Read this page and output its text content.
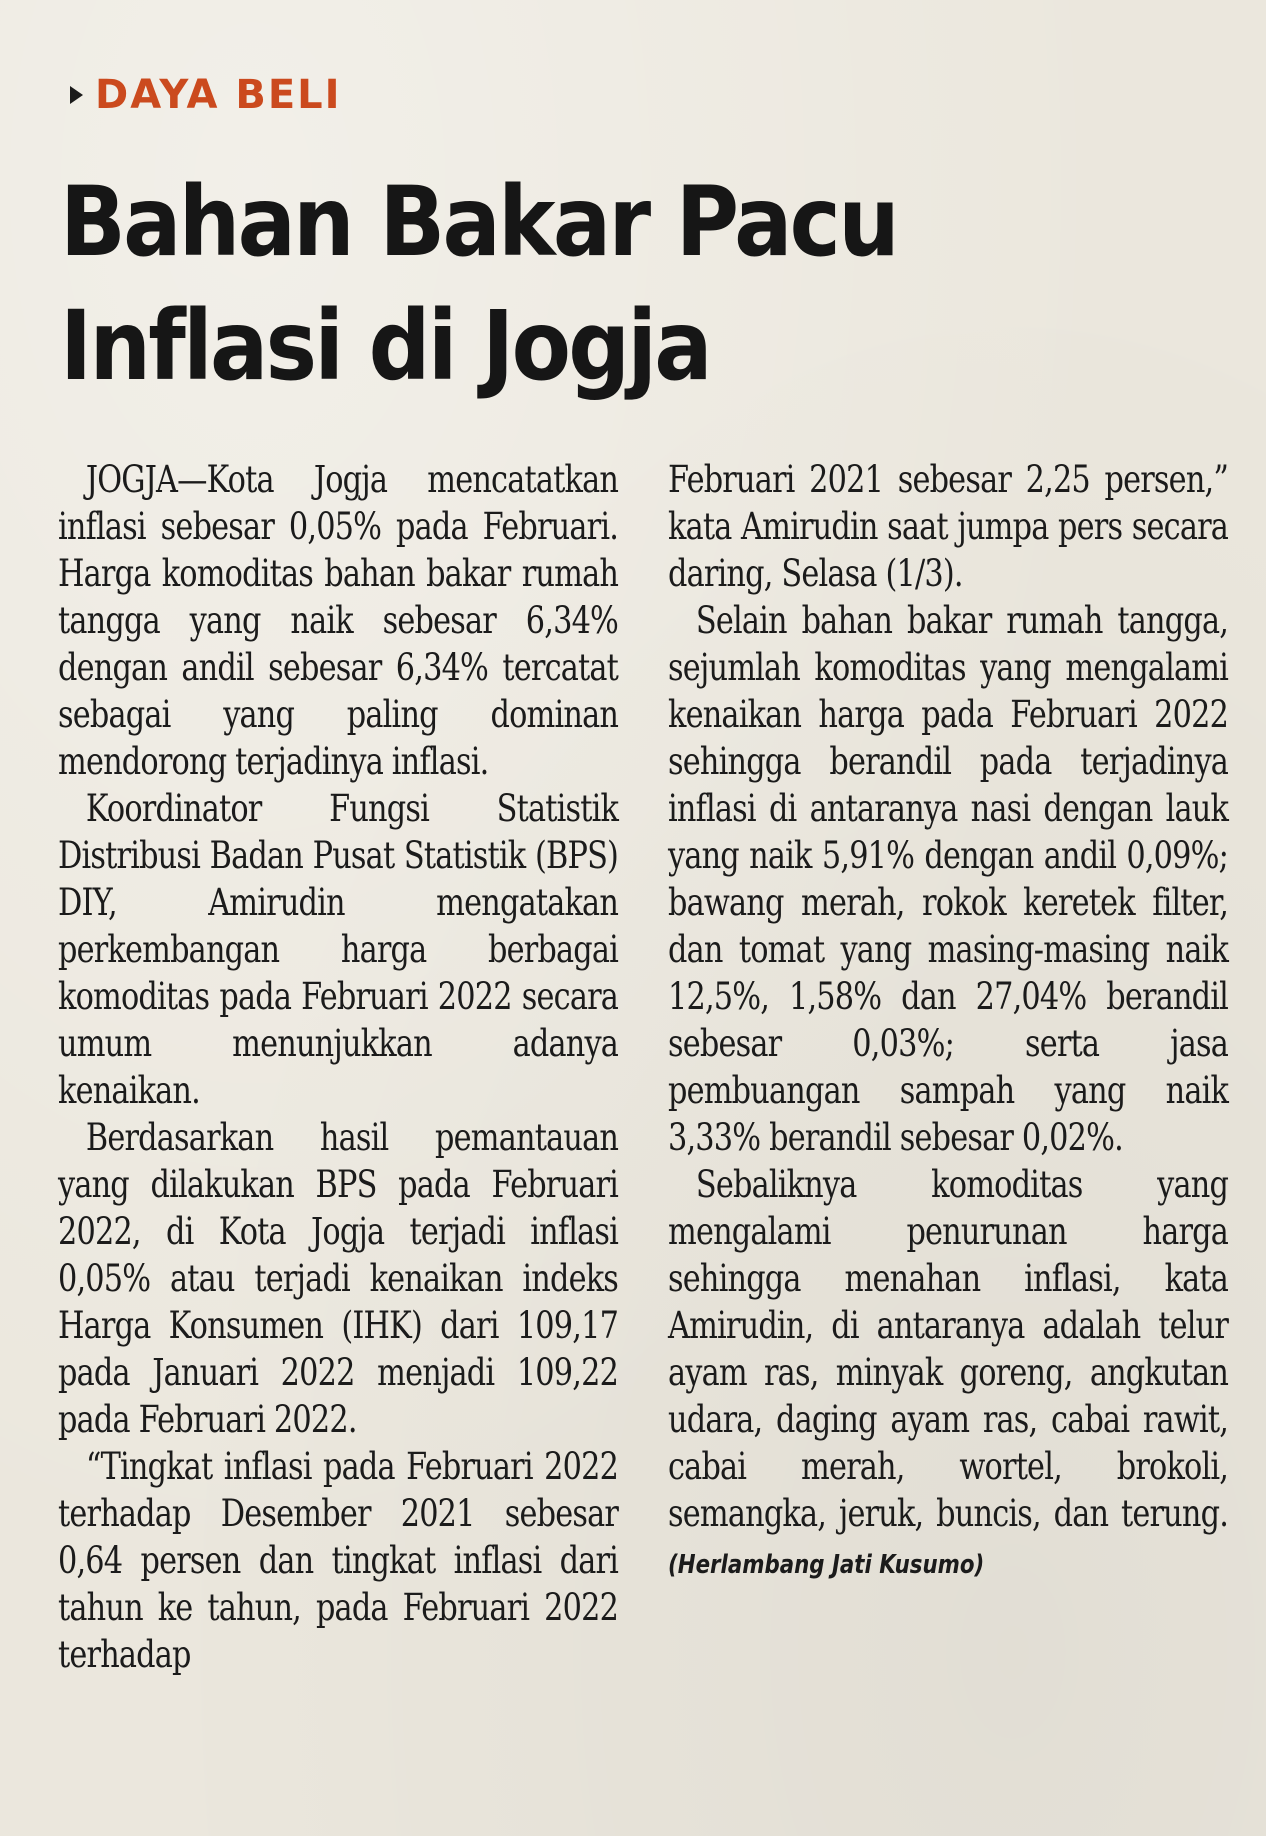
DAYA BELI
Bahan Bakar Pacu
Inflasi di Jogja

JOGJA—Kota Jogja mencatatkan inflasi sebesar 0,05% pada Februari. Harga komoditas bahan bakar rumah tangga yang naik sebesar 6,34% dengan andil sebesar 6,34% tercatat sebagai yang paling dominan mendorong terjadinya inflasi.

Koordinator Fungsi Statistik Distribusi Badan Pusat Statistik (BPS) DIY, Amirudin mengatakan perkembangan harga berbagai komoditas pada Februari 2022 secara umum menunjukkan adanya kenaikan.

Berdasarkan hasil pemantauan yang dilakukan BPS pada Februari 2022, di Kota Jogja terjadi inflasi 0,05% atau terjadi kenaikan indeks Harga Konsumen (IHK) dari 109,17 pada Januari 2022 menjadi 109,22 pada Februari 2022.

“Tingkat inflasi pada Februari 2022 terhadap Desember 2021 sebesar 0,64 persen dan tingkat inflasi dari tahun ke tahun, pada Februari 2022 terhadap

Februari 2021 sebesar 2,25 persen,” kata Amirudin saat jumpa pers secara daring, Selasa (1/3).

Selain bahan bakar rumah tangga, sejumlah komoditas yang mengalami kenaikan harga pada Februari 2022 sehingga berandil pada terjadinya inflasi di antaranya nasi dengan lauk yang naik 5,91% dengan andil 0,09%; bawang merah, rokok keretek filter, dan tomat yang masing-masing naik 12,5%, 1,58% dan 27,04% berandil sebesar 0,03%; serta jasa pembuangan sampah yang naik 3,33% berandil sebesar 0,02%.

Sebaliknya komoditas yang mengalami penurunan harga sehingga menahan inflasi, kata Amirudin, di antaranya adalah telur ayam ras, minyak goreng, angkutan udara, daging ayam ras, cabai rawit, cabai merah, wortel, brokoli, semangka, jeruk, buncis, dan terung. (Herlambang Jati Kusumo)
